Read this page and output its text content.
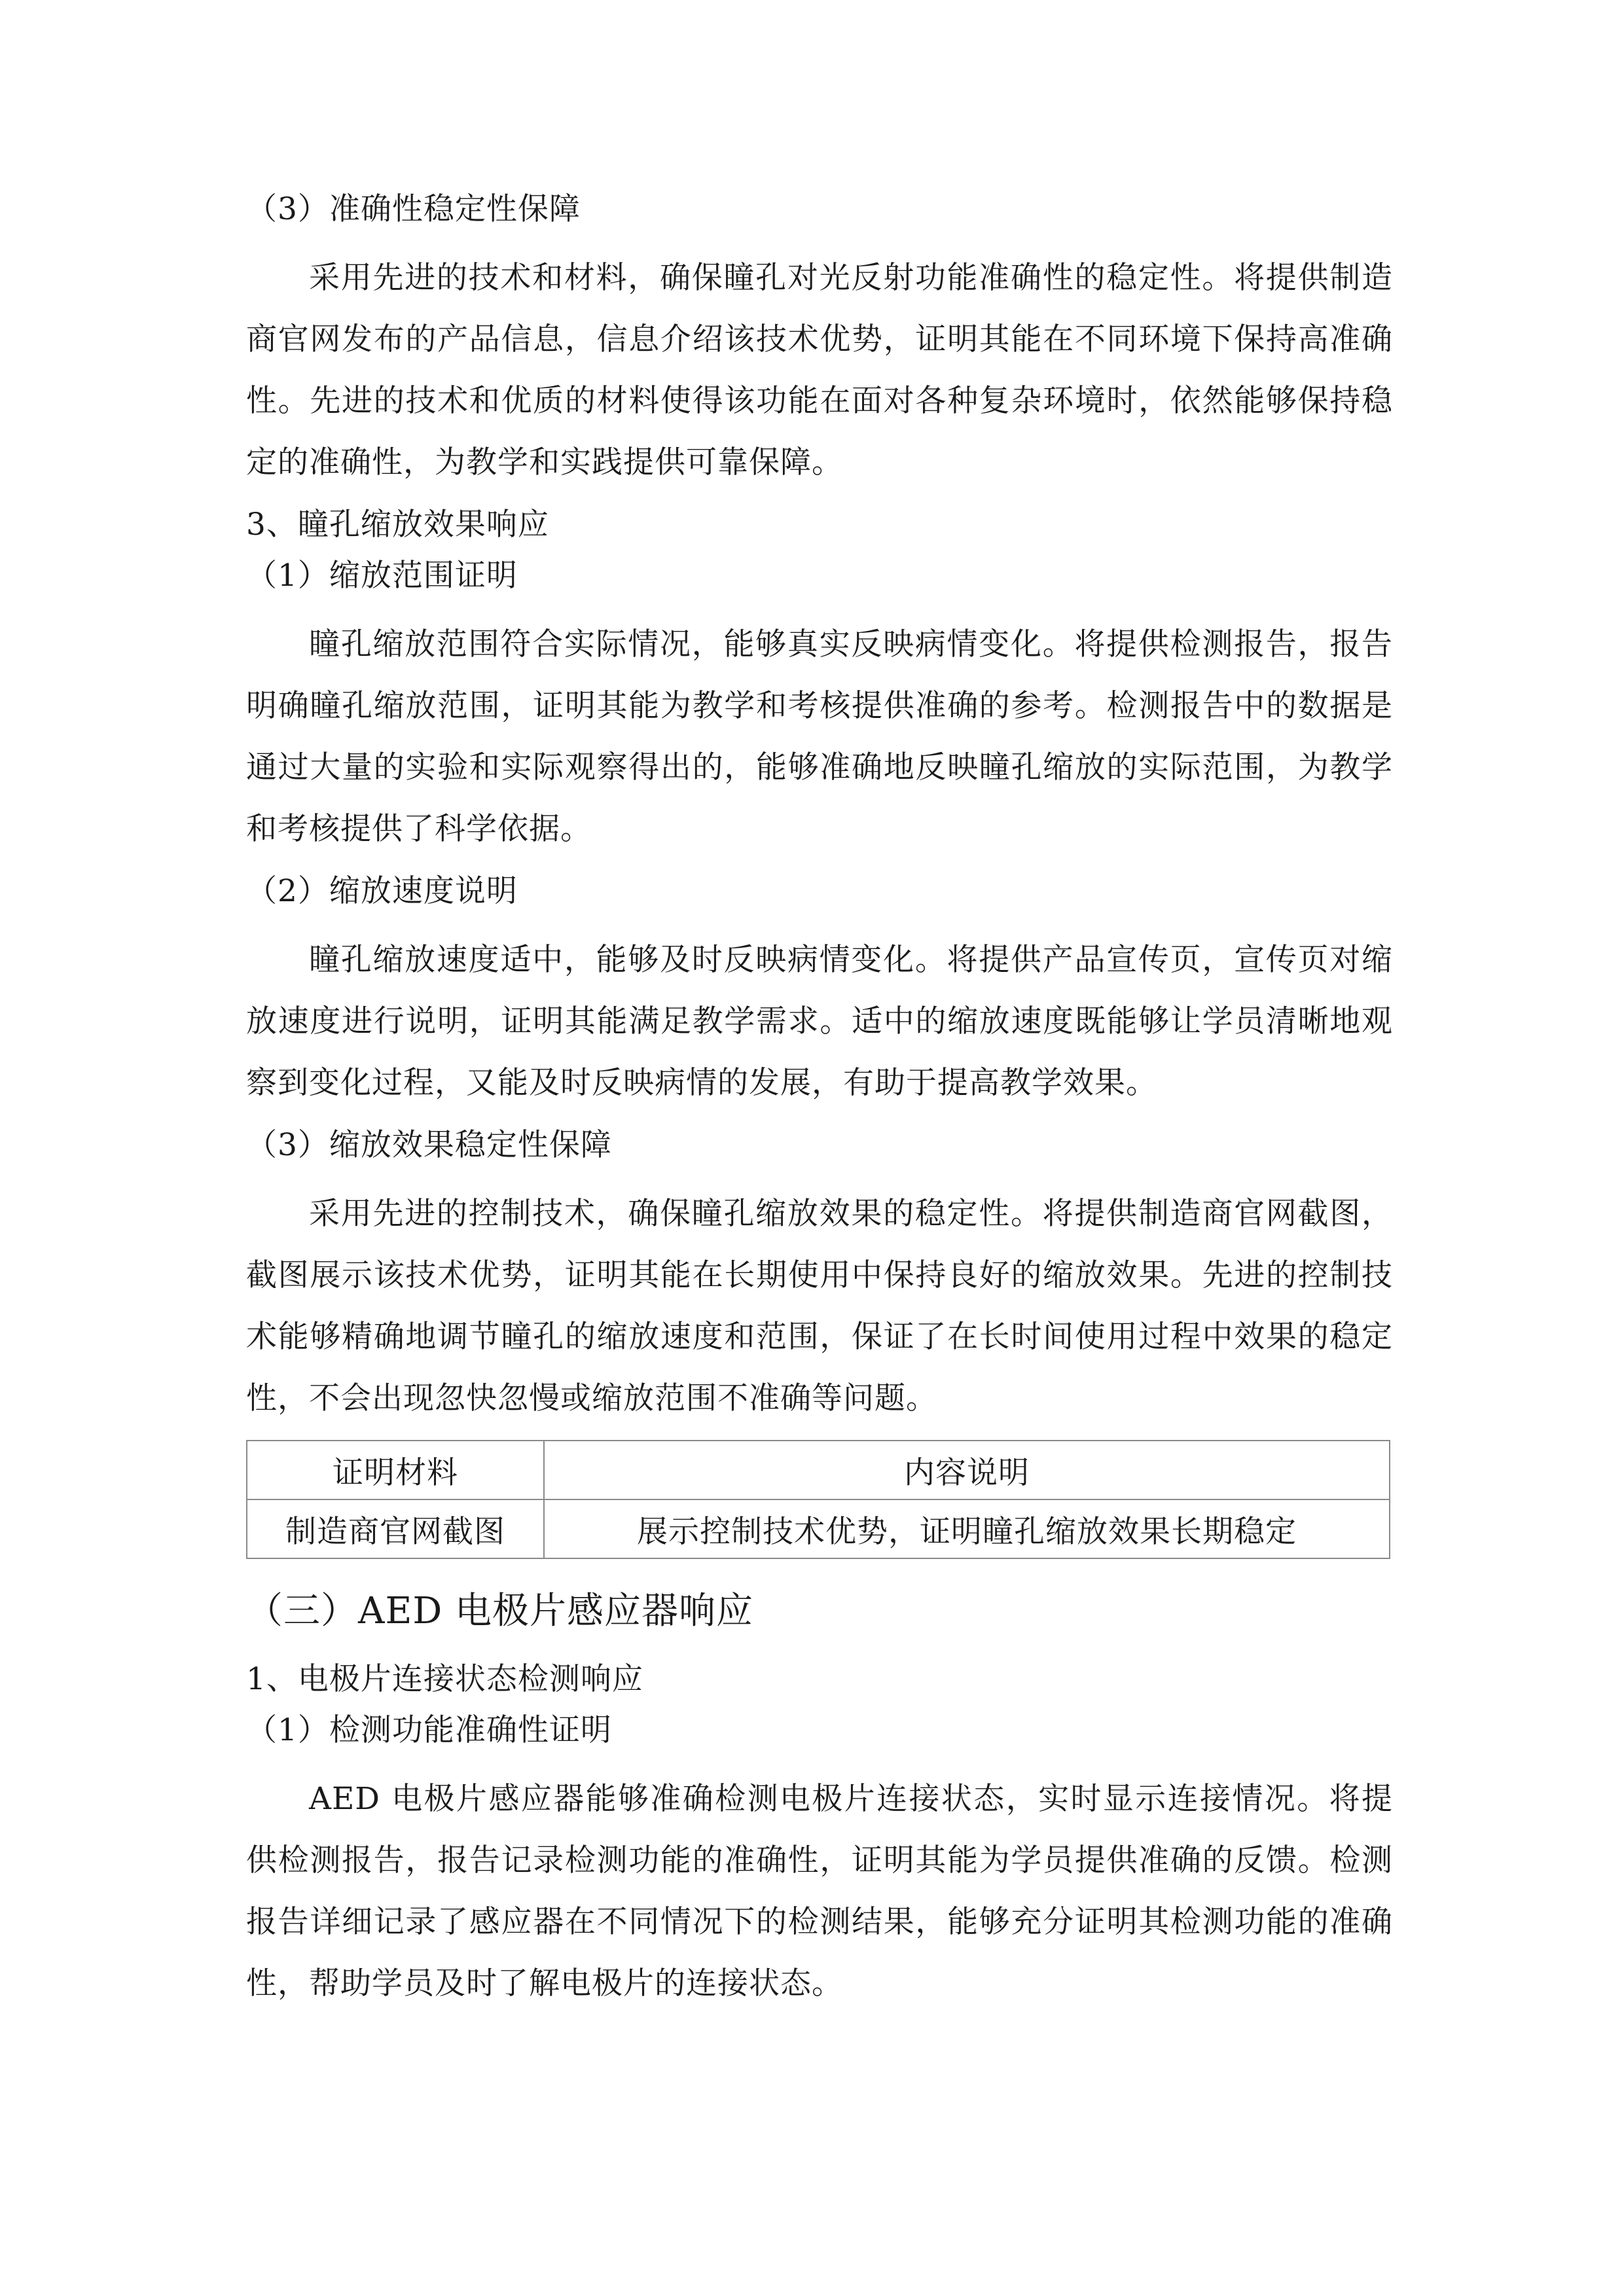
（3）准确性稳定性保障

采用先进的技术和材料，确保瞳孔对光反射功能准确性的稳定性。将提供制造商官网发布的产品信息，信息介绍该技术优势，证明其能在不同环境下保持高准确性。先进的技术和优质的材料使得该功能在面对各种复杂环境时，依然能够保持稳定的准确性，为教学和实践提供可靠保障。

3、瞳孔缩放效果响应

（1）缩放范围证明

瞳孔缩放范围符合实际情况，能够真实反映病情变化。将提供检测报告，报告明确瞳孔缩放范围，证明其能为教学和考核提供准确的参考。检测报告中的数据是通过大量的实验和实际观察得出的，能够准确地反映瞳孔缩放的实际范围，为教学和考核提供了科学依据。

（2）缩放速度说明

瞳孔缩放速度适中，能够及时反映病情变化。将提供产品宣传页，宣传页对缩放速度进行说明，证明其能满足教学需求。适中的缩放速度既能够让学员清晰地观察到变化过程，又能及时反映病情的发展，有助于提高教学效果。

（3）缩放效果稳定性保障

采用先进的控制技术，确保瞳孔缩放效果的稳定性。将提供制造商官网截图，截图展示该技术优势，证明其能在长期使用中保持良好的缩放效果。先进的控制技术能够精确地调节瞳孔的缩放速度和范围，保证了在长时间使用过程中效果的稳定性，不会出现忽快忽慢或缩放范围不准确等问题。

证明材料	内容说明
制造商官网截图	展示控制技术优势，证明瞳孔缩放效果长期稳定

（三）AED 电极片感应器响应

1、电极片连接状态检测响应

（1）检测功能准确性证明

AED 电极片感应器能够准确检测电极片连接状态，实时显示连接情况。将提供检测报告，报告记录检测功能的准确性，证明其能为学员提供准确的反馈。检测报告详细记录了感应器在不同情况下的检测结果，能够充分证明其检测功能的准确性，帮助学员及时了解电极片的连接状态。
